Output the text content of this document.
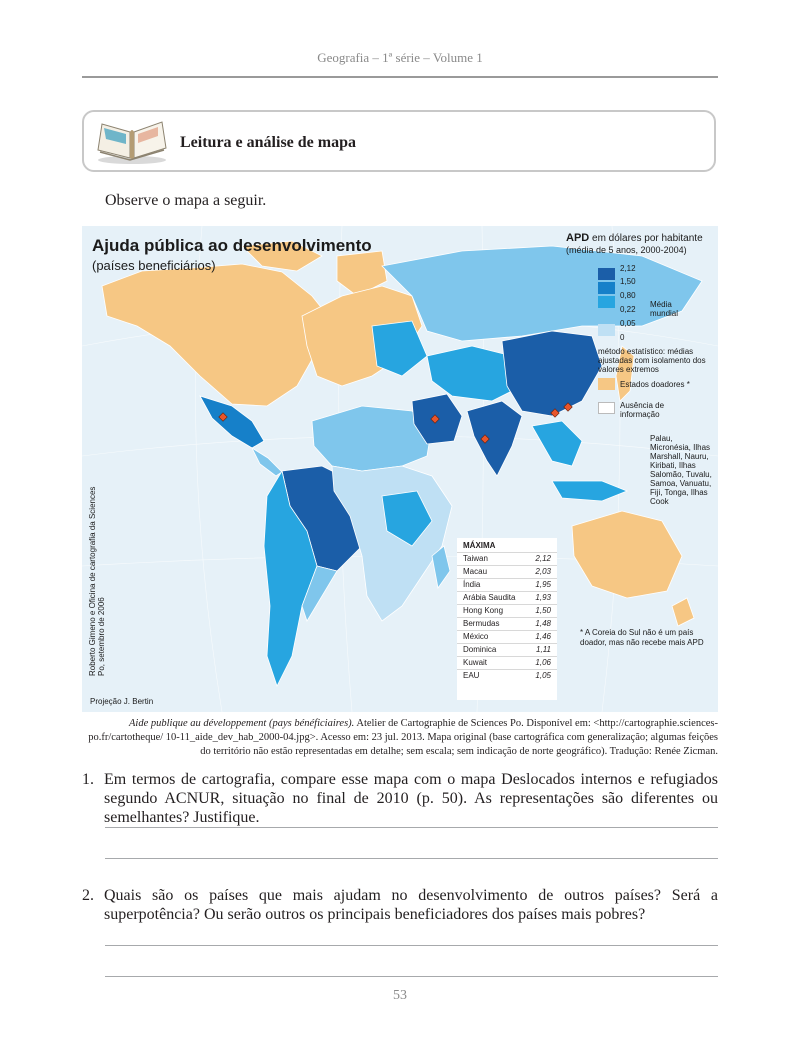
Geografia – 1ª série – Volume 1
Leitura e análise de mapa
Observe o mapa a seguir.
Ajuda pública ao desenvolvimento
(países beneficiários)
APD em dólares por habitante
(média de 5 anos, 2000-2004)
2,12
1,50
0,80
0,22
0,05
0
Média mundial
método estatístico: médias ajustadas com isolamento dos valores extremos
Estados doadores *
Ausência de informação
Palau, Micronésia, Ilhas Marshall, Nauru, Kiribati, Ilhas Salomão, Tuvalu, Samoa, Vanuatu, Fiji, Tonga, Ilhas Cook
MÁXIMA
Taiwan	2,12
Macau	2,03
Índia	1,95
Arábia Saudita 1,93
Hong Kong	1,50
Bermudas	1,48
México	1,46
Dominica	1,11
Kuwait	1,06
EAU	1,05
Roberto Gimeno e Oficina de cartografia da Sciences Po, setembro de 2006
Projeção J. Bertin
* A Coreia do Sul não é um país doador, mas não recebe mais APD
Aide publique au développement (pays bénéficiaires). Atelier de Cartographie de Sciences Po. Disponível em: <http://cartographie.sciences-po.fr/cartotheque/ 10-11_aide_dev_hab_2000-04.jpg>. Acesso em: 23 jul. 2013. Mapa original (base cartográfica com generalização; algumas feições do território não estão representadas em detalhe; sem escala; sem indicação de norte geográfico). Tradução: Renée Zicman.
1. Em termos de cartografia, compare esse mapa com o mapa Deslocados internos e refugiados segundo ACNUR, situação no final de 2010 (p. 50). As representações são diferentes ou semelhantes? Justifique.
2. Quais são os países que mais ajudam no desenvolvimento de outros países? Será a superpotência? Ou serão outros os principais beneficiadores dos países mais pobres?
53
